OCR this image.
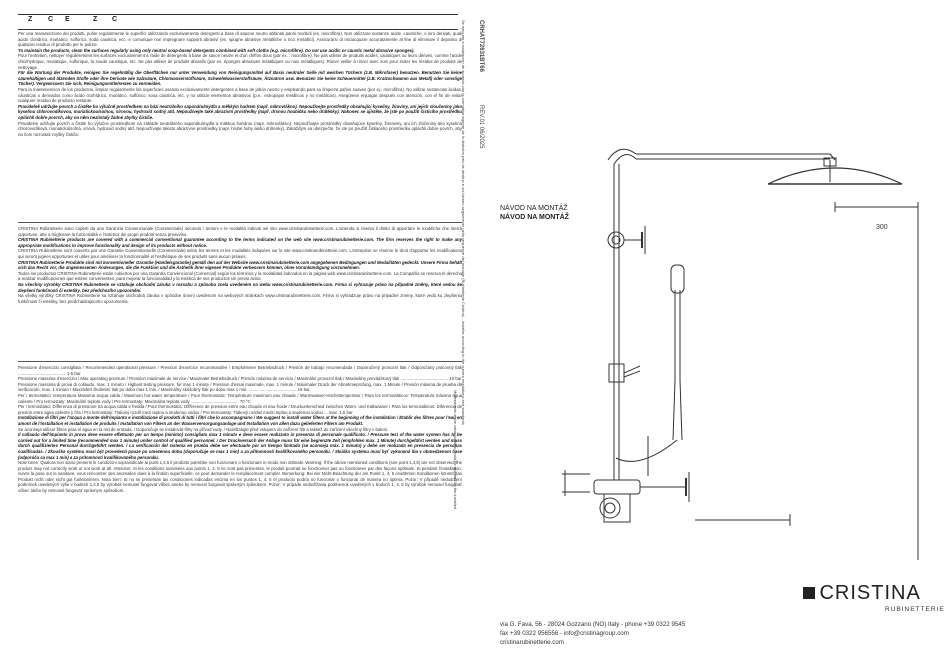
Z C E	Z C

Per una manutenzione dei prodotti, pulire regolarmente le superfici utilizzando esclusivamente detergenti a base di sapone neutro abbinati panni morbidi (es. microfibra). Non utilizzare sostanze acide, caustiche, o loro derivati, quali acido cloridrico, muriatico, solforico, soda caustica, ecc. e comunque non impregnare supporti abrasivi (es. spugne abrasive metalliche o ricci metallici). Assicurarsi di risciacquare accuratamente al fine di eliminare il deposito di qualsiasi residuo di prodotto per le pulizie.

To maintain the products, clean the surfaces regularly using only neutral soap-based detergents combined with soft cloths (e.g. microfibre). Do not use acidic or caustic metal abrasive sponges).

Pour l'entretien, nettoyer régulièrement les surfaces exclusivement à l'aide de détergents à base de savon neutre et d'un chiffon doux (par ex. : microfibre). Ne pas utiliser de produits acides, caustiques ou leurs dérivés, comme l'acide chlorhydrique, muriatique, sulfurique, la soude caustique, etc. Ne pas utiliser de produits abrasifs (par ex. éponges abrasives métalliques ou noix métalliques). Rincer veiller à rincer avec soin pour éviter les résidus de produits de nettoyage.

Für die Wartung der Produkte, reinigen Sie regelmäßig die Oberflächen nur unter Verwendung von Reinigungsmittel auf Basis neutraler Seife mit weichen Tüchern (z.B. Mikrofaser) benutzen. Benutzen Sie keine säurehaltigen und ätzenden Stoffe oder ihre Derivate wie Salzsäure, Chlorwasserstoffsäure, Schwefelwasserstoffsäure, Ätznatron usw. Benutzen Sie keine Scheuermittel (z.B. Kratzschwamm aus Metall) oder sonstige Tücher). Vergewissern Sie sich, Reinigungsmittelresten zu vermeiden.

Para la mantenencion de los productos, limpiar regularmente las superficies usando exclusivamente detergentes a base de jabón neutro y empleando para su limpieza paños suaves (por ej.: microfibra). No utilizar sustancias ácidas, cáusticas o derivados como ácido clorhídrico, muriático, sulfúrico, sosa cáustica, etc. y no utilizar elementos abrasivos (p.e.: estropajos metálicos y no metálicos). Asegúrese enjuagar después con atención, con el fin de evitar cualquier residuo de producto restante.

Pravidelně udržujte povrch a čistěte ho výlučně prostředkem na bázi neutrálního saponátu/mýdla a měkkým hadrem (např. mikrovlákno). Nepoužívejte prostředky obsahující kyseliny, žíraviny, ani jejich sloučeniny jako kyselinu chlorovodíkovou, muriatickou/solnou, sírovou, hydroxid sodný atd. Nepoužívejte také abrazivní prostředky (např. drsnou houbičku nebo drátěnky). Nakonec se ujistěte, že jste po použití čisticího prostředku opláchli dobře povrch, aby na něm nezůstaly žádné zbytky čističe.

Pravidelne udržujte povrch a čistite ho výlučne prostriedkom na základe neutrálneho saponátu/mydla a mäkkou handrou (napr. mikrovlákno). Nepoužívajte prostriedky obsahujúce kyseliny, žieraviny, ani ich zlúčeniny ako kyselina chlorovodíková, muriatická/soľná, sírová, hydroxid sodný atď. Nepoužívajte takisto abrazívne prostriedky (napr. hrubé huby alebo drôtenky). Zakaždým sa ubezpečte, že ste po použití čistiaceho prostriedku opláchli dobre povrch, aby na ňom nezostali zvyšky čističa.

CRISTINA Rubinetterie sono coperti da una Garanzia Convenzionale (Commerciale) secondo i termini e le modalità indicati nel sito www.cristinarubinetterie.com. L'azienda si riserva il diritto di apportare le modifiche che riterrà opportune, atte a migliorare la funzionalità e l'estetica dei propri prodotti senza preavviso.

CRISTINA Rubinetterie products are covered with a commercial conventional guarantee according to the terms indicated on the web site www.cristinarubinetterie.com. The firm reserves the right to make any appropriate modifications to improve functionality and design of its products without notice.

CRISTINA Rubinetterie sont couverts par une Garantie Conventionnelle (Commerciale) selon les termes et les modalités indiquées sur le site www.cristinarubinetterie.com. L'entreprise se réserve le droit d'apporter les modifications qui seront jugées opportunes et utiles pour améliorer la fonctionnalité et l'esthétique de ses produits sans aucun préavis.

CRISTINA Rubinetterie Produkte sind mit konventioneller Garantie (Handelsgarantie) gemäß den auf der Website www.cristinarubinetterie.com angegebenen Bedingungen und Modalitäten gedeckt. Unsere Firma behält sich das Recht vor, die angemessenen Änderungen, die die Funktion und die Ästhetik ihrer eigenen Produkte verbessern können, ohne Vorankündigung vorzunehmen.

Todos los productos CRISTINA Rubinetterie están cubiertos por una Garantía Convencional (Comercial) según los términos y la modalidad indicados en la página web www.cristinarubinetterie.com. La Compañía se reserva el derecho a realizar modificaciones que estime convenientes, para mejorar la funcionalidad y la estética de sus productos sin previo aviso.

Na všechny výrobky CRISTINA Rubinetterie se vztahuje obchodní záruka v rozsahu a způsobu zcela uvedeném na webu www.cristinarubinetterie.com. Firma si vyhrazuje právo na případné změny, které vedou ke zlepšení funkčnosti či estetiky, bez předchozího upozornění.

Na všetky výrobky CRISTINA Rubinetterie sa vzťahuje obchodná záruka v spôsobe úrovni uvedenom na webových stránkach www.cristinarubinetterie.com. Firma si vyhradzuje právo na prípadné zmeny, ktoré vedú ku zlepšeniu funkčnosti či estetiky, bez predchádzajúceho upozornenia.

Pressione d'esercizio consigliata / Recommended operational pressure / Pression d'exercice recommandée / Empfohlener Betriebsdruck / Presión de trabajo recomendada / Doporučený provozní tlak / Odporúčaný pracovný tlak ........................................ 1-5 bar

Pressione massima d'esercizio / Max operating pressure / Pression maximale de service / Maximaler Betriebsdruck / Presión máxima de servicio / Maximální provozní tlak / Maximálny prevádzkový tlak ........................................ 10 bar

Pressione massima di prova di collaudo, max. 1 minuto / Highest testing pressure, for max 1 minute / Pression d'essai maximale, max. 1 minute / Maximaler Druck der Abnahmeprüfung, max. 1 Minute / Presión máxima de prueba de verificación, max. 1 minuto / Maximální zkušební tlak po dobu max 1 min. / Maximálny skúšobný tlak po dobu max 1 min. ........................................ 16 bar

Per i termostatici: temperatura Massima acqua calda / Maximum hot water temperature / Pour thermostatic: Température maximum eau chaude / Warmwasser-Höchsttemperatur / Para los termostáticos: Temperatura máxima agua caliente / Pro termostaty: Maximální teplota vody / Pre termostaty: Maximálna teplota vody ........................................ 70 °C

Per i termostatici: Differenza di pressione tra acqua calda e fredda / Pour thermostatic: Différence de pression entre eau chaude et eau froide / Druckunterschied zwischen Warm- und Kaltwasser / Para los termostáticos: Diferencia de presión entre agua caliente y fría / Pro termostaty: Tlakový rozdíl mezi teplou a studenou vodou / Pre termostaty: Tlakový rozdiel medzi teplou a studenou vodou ... max. 1,5 bar

Installazione di filtri per l'acqua a monte dell'impianto e installazione di prodotti di tutti i filtri che lo accompagnano / We suggest to install water filters at the beginning of the installation / Établir des filtres pour l'eau en amont de l'installation et installation de produits / Installation von Filtern an der Wasserversorgungsanlage und Installation von allen dazu gelieferten Filtern am Produkt.

Se aconseja utilizar filtros para el agua en la red de entrada. / Doporučuje se instalovat filtry na přívod vody. / Nainštalujte před vstupem do zařízení filtr a taktiež do zařízení všechny filtry v balení.

Il collaudo dell'impianto in prova deve essere effettuato per un tempo (minimo) consigliato max 1 minuto e deve essere realizzato in presenza di personale qualificato. / Pressure test of the water system has to be carried out for a limited time (recommended max 1 minute) under control of qualified personnel. / Der Druckversuch der Anlage muss für eine begrenzte Zeit (empfohlen max. 1 Minute) durchgeführt werden und muss durch qualifiziertes Personal durchgeführt werden. / La verificación del sistema en prueba debe ser efectuado por un tiempo limitado (se aconseja máx. 1 minuto) y debe ser realizada en presencia de personas cualificadas. / Zkouška systému musí být provedená pouze po omezenou dobu (doporučuje se max 1 min) a za přítomnosti kvalifikovaného personálu. / Skúška systému musí byť vykonaná iba v obmedzenom čase (odporúča sa max 1 min) a za prítomnosti kvalifikovaného personálu.

Note bene: Qualora non siano presenti le condizioni sopraindicate ai punti 1,4,5 il prodotto potrebbe non funzionare o funzionare in modo non ottimale. Warning: If the above mentioned conditions (see point 1,4,5) are not observed, the product may not correctly work or not work at all. Attention: Si les conditions susvisées aux points 1, 4, 5 ne sont pas présentes, le produit pourrait ne fonctionner pas ou fonctionner par des façons optimale. Si pendant l'installation, suivre la pose sur le sanitaire, vous rencontrer des anomalies dues à la finition superficielle, ce peut demander le remplacement complet. Bemerkung: Bei der Nicht-Beachtung der am Punkt 1, 4, 5 erwähnten Konditionen könnte das Produkt nicht oder nicht gut funktionieren. Nota bien: Si no se presentan las condiciones indicadas encima en los puntos 1, 4, 5 el producto podría no funcionar o funcionar de manera no óptima. Pozor: V případě nedodržení podmínek uvedených výše v bodech 1,4,5 by výrobek nemusel fungovat vůbec anebo by nemusel fungovat správným způsobem. Pozor: V prípade nedodržania podmienok uvedených v bodoch 1, 4, 5 by výrobok nemusel fungovať vôbec alebo by nemusel fungovať správnym spôsobom.

Se ejecutar a instalacion de acuerdo con la normativa vigente de lo distintos pais de destino e sul idoneo seguimento nella sequenze del montaje (Rubinetterie Cristina) - Installer according to the current regulations and standards CRHAT72631BT66
REV.01 06/2025
Mouvements of the valve position could be required by the installed
NÁVOD NA MONTÁŽ
NÁVOD NA MONTÁŽ
300
CRISTINA
RUBINETTERIE
via G. Fava, 56 - 28024 Gozzano (NO) Italy - phone +39 0322 9545
fax +39 0322 956556 - info@cristinagroup.com
cristinarubinetterie.com
